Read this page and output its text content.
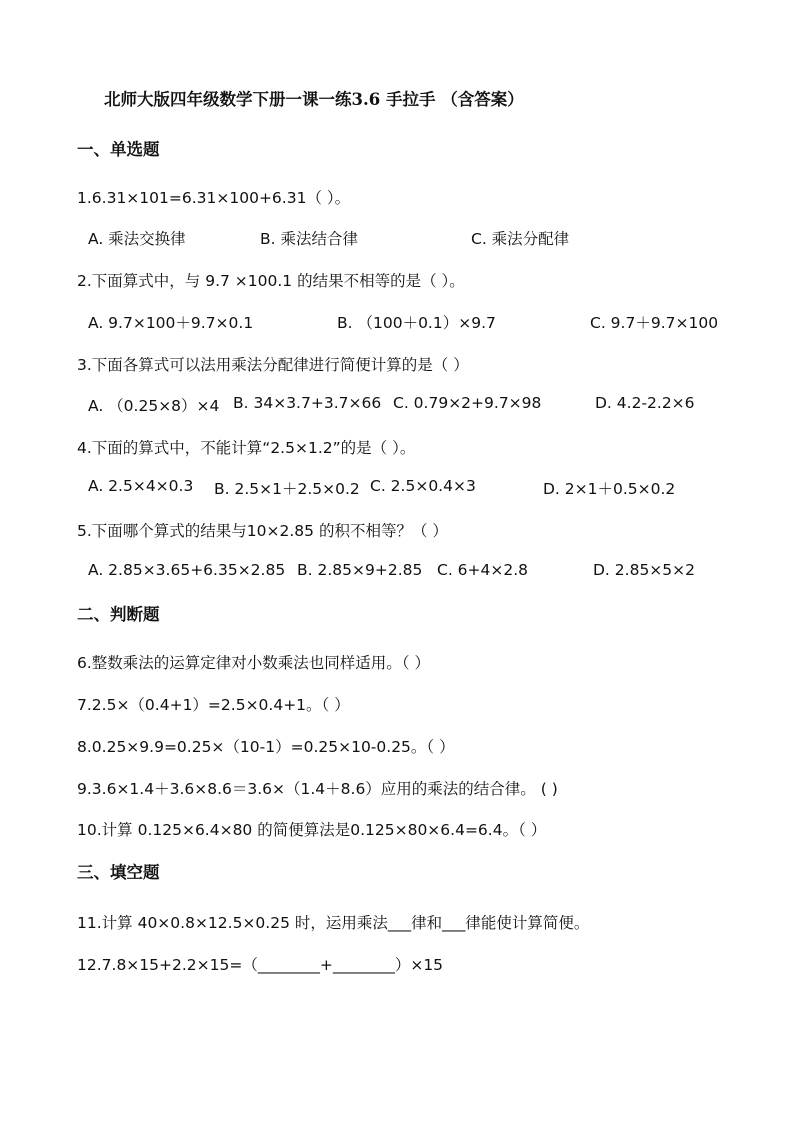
北师大版四年级数学下册一课一练3.6 手拉手 （含答案）
一、单选题
1.6.31×101=6.31×100+6.31（ ）。
A. 乘法交换律	B. 乘法结合律	C. 乘法分配律
2.下面算式中，与 9.7 ×100.1 的结果不相等的是（ ）。
A. 9.7×100＋9.7×0.1	B. （100＋0.1）×9.7	C. 9.7＋9.7×100
3.下面各算式可以法用乘法分配律进行简便计算的是（ ）
A. （0.25×8）×4 B. 34×3.7+3.7×66 C. 0.79×2+9.7×98	D. 4.2-2.2×6
4.下面的算式中，不能计算“2.5×1.2”的是（ ）。
A. 2.5×4×0.3 B. 2.5×1＋2.5×0.2 C. 2.5×0.4×3	D. 2×1＋0.5×0.2
5.下面哪个算式的结果与10×2.85 的积不相等？（ ）
A. 2.85×3.65+6.35×2.85 B. 2.85×9+2.85 C. 6+4×2.8	D. 2.85×5×2
二、判断题
6.整数乘法的运算定律对小数乘法也同样适用。（ ）
7.2.5×（0.4+1）=2.5×0.4+1。（ ）
8.0.25×9.9=0.25×（10-1）=0.25×10-0.25。（ ）
9.3.6×1.4＋3.6×8.6＝3.6×（1.4＋8.6）应用的乘法的结合律。 ( )
10.计算 0.125×6.4×80 的简便算法是0.125×80×6.4=6.4。（ ）
三、填空题
11.计算 40×0.8×12.5×0.25 时，运用乘法___律和___律能使计算简便。
12.7.8×15+2.2×15=（________+________）×15
